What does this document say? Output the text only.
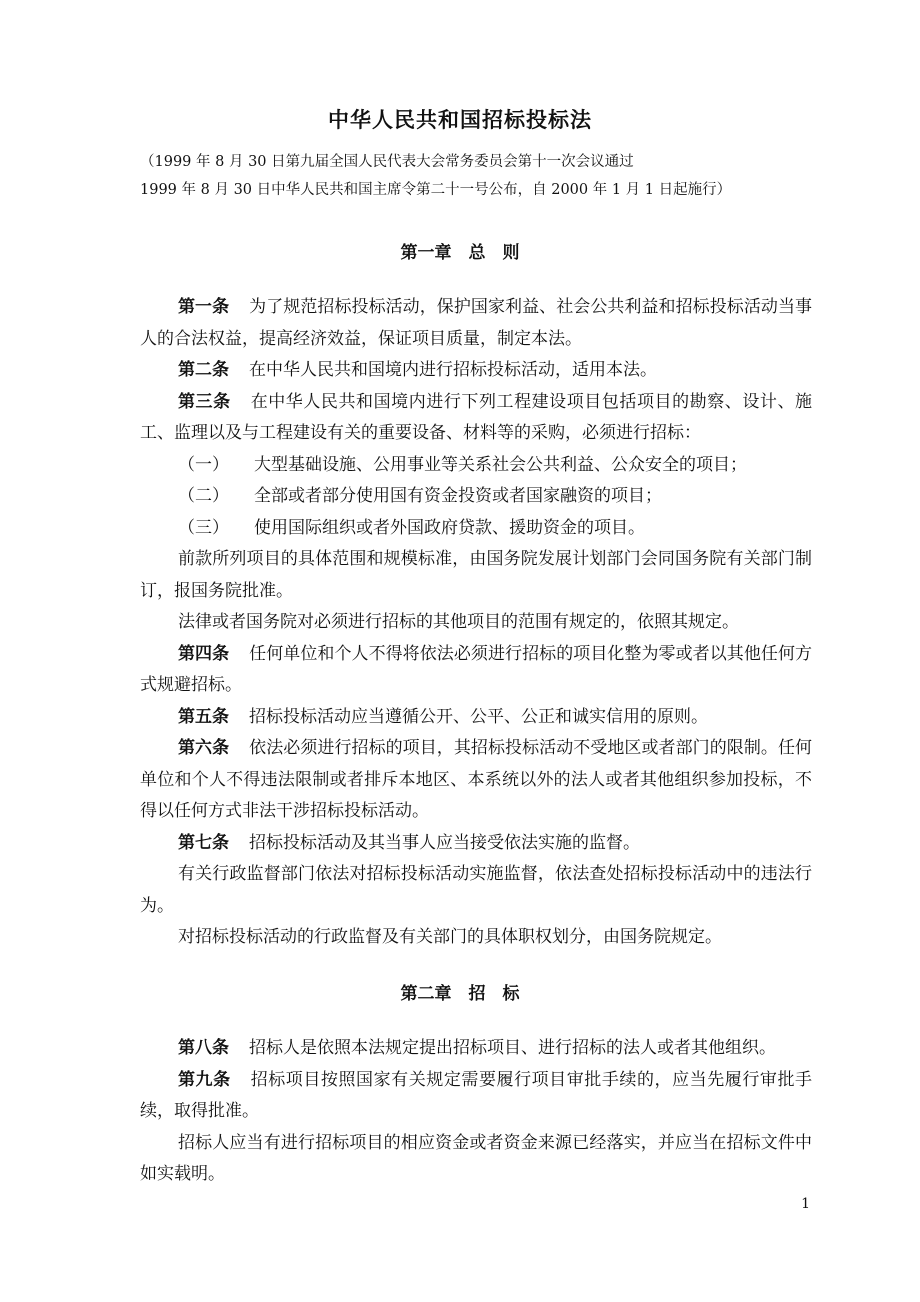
中华人民共和国招标投标法

（1999 年 8 月 30 日第九届全国人民代表大会常务委员会第十一次会议通过

1999 年 8 月 30 日中华人民共和国主席令第二十一号公布，自 2000 年 1 月 1 日起施行）

第一章　总　则

第一条 为了规范招标投标活动，保护国家利益、社会公共利益和招标投标活动当事人的合法权益，提高经济效益，保证项目质量，制定本法。

第二条 在中华人民共和国境内进行招标投标活动，适用本法。

第三条 在中华人民共和国境内进行下列工程建设项目包括项目的勘察、设计、施工、监理以及与工程建设有关的重要设备、材料等的采购，必须进行招标：

（一） 大型基础设施、公用事业等关系社会公共利益、公众安全的项目；

（二） 全部或者部分使用国有资金投资或者国家融资的项目；

（三） 使用国际组织或者外国政府贷款、援助资金的项目。

前款所列项目的具体范围和规模标准，由国务院发展计划部门会同国务院有关部门制订，报国务院批准。

法律或者国务院对必须进行招标的其他项目的范围有规定的，依照其规定。

第四条 任何单位和个人不得将依法必须进行招标的项目化整为零或者以其他任何方式规避招标。

第五条 招标投标活动应当遵循公开、公平、公正和诚实信用的原则。

第六条 依法必须进行招标的项目，其招标投标活动不受地区或者部门的限制。任何单位和个人不得违法限制或者排斥本地区、本系统以外的法人或者其他组织参加投标，不得以任何方式非法干涉招标投标活动。

第七条 招标投标活动及其当事人应当接受依法实施的监督。

有关行政监督部门依法对招标投标活动实施监督，依法查处招标投标活动中的违法行为。

对招标投标活动的行政监督及有关部门的具体职权划分，由国务院规定。

第二章　招　标

第八条 招标人是依照本法规定提出招标项目、进行招标的法人或者其他组织。

第九条 招标项目按照国家有关规定需要履行项目审批手续的，应当先履行审批手续，取得批准。

招标人应当有进行招标项目的相应资金或者资金来源已经落实，并应当在招标文件中如实载明。

1
